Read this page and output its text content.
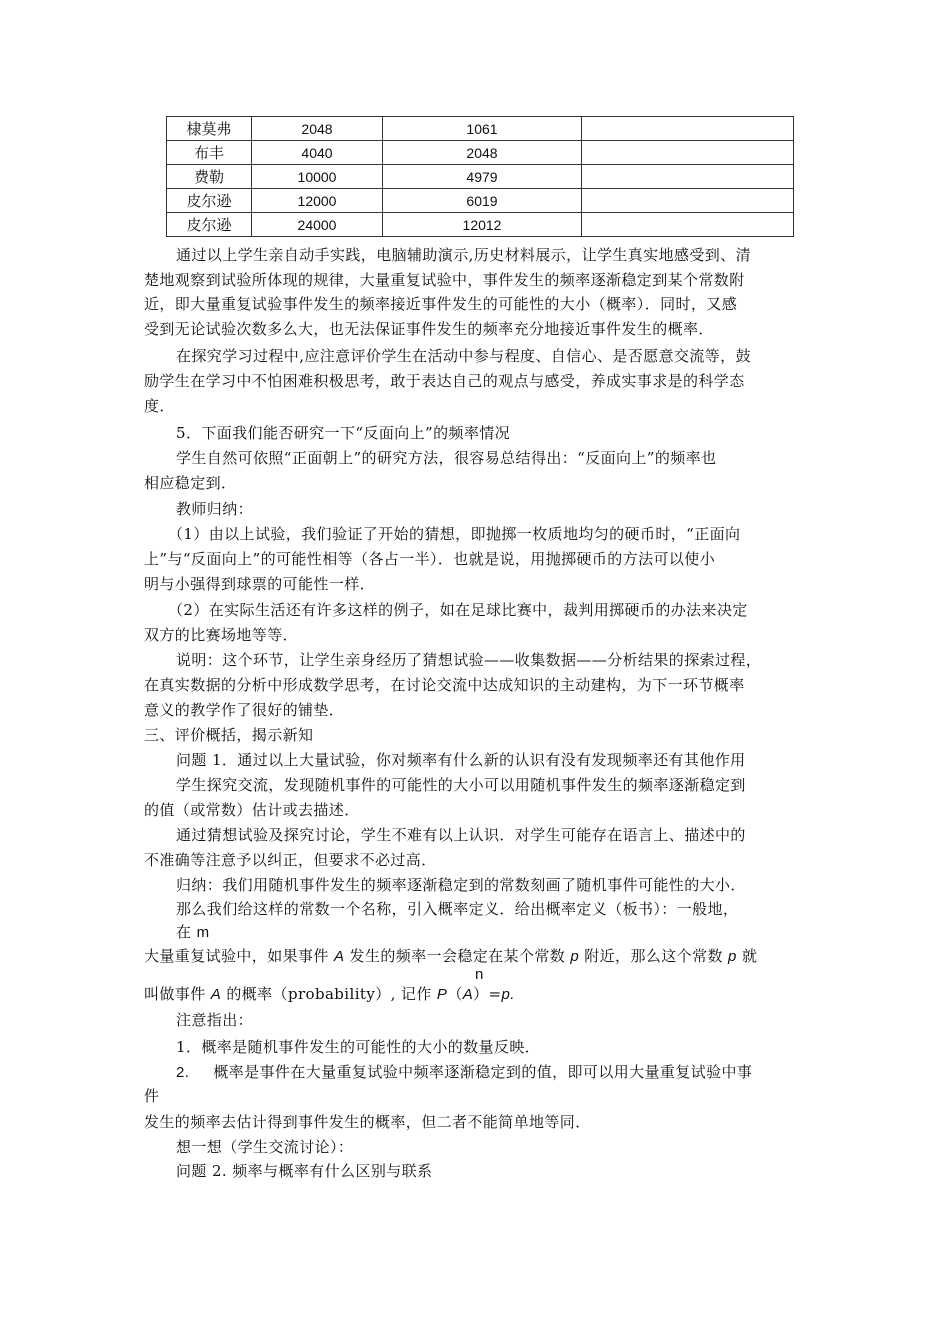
棣莫弗	2048	1061	
布丰	4040	2048	
费勒	10000	4979	
皮尔逊	12000	6019	
皮尔逊	24000	12012	
通过以上学生亲自动手实践，电脑辅助演示,历史材料展示，让学生真实地感受到、清
楚地观察到试验所体现的规律，大量重复试验中，事件发生的频率逐渐稳定到某个常数附
近，即大量重复试验事件发生的频率接近事件发生的可能性的大小（概率）．同时，又感
受到无论试验次数多么大，也无法保证事件发生的频率充分地接近事件发生的概率．
在探究学习过程中,应注意评价学生在活动中参与程度、自信心、是否愿意交流等，鼓
励学生在学习中不怕困难积极思考，敢于表达自己的观点与感受，养成实事求是的科学态
度．
5．下面我们能否研究一下“反面向上”的频率情况
学生自然可依照“正面朝上”的研究方法，很容易总结得出：“反面向上”的频率也
相应稳定到．
教师归纳：
（1）由以上试验，我们验证了开始的猜想，即抛掷一枚质地均匀的硬币时，“正面向
上”与“反面向上”的可能性相等（各占一半）．也就是说，用抛掷硬币的方法可以使小
明与小强得到球票的可能性一样．
（2）在实际生活还有许多这样的例子，如在足球比赛中，裁判用掷硬币的办法来决定
双方的比赛场地等等．
说明：这个环节，让学生亲身经历了猜想试验——收集数据——分析结果的探索过程，
在真实数据的分析中形成数学思考，在讨论交流中达成知识的主动建构，为下一环节概率
意义的教学作了很好的铺垫．
三、评价概括，揭示新知
问题 1．通过以上大量试验，你对频率有什么新的认识有没有发现频率还有其他作用
学生探究交流，发现随机事件的可能性的大小可以用随机事件发生的频率逐渐稳定到
的值（或常数）估计或去描述．
通过猜想试验及探究讨论，学生不难有以上认识．对学生可能存在语言上、描述中的
不准确等注意予以纠正，但要求不必过高．
归纳：我们用随机事件发生的频率逐渐稳定到的常数刻画了随机事件可能性的大小．
那么我们给这样的常数一个名称，引入概率定义．给出概率定义（板书）：一般地，
在 m
大量重复试验中，如果事件 A 发生的频率一会稳定在某个常数 p 附近，那么这个常数 p 就
n
叫做事件 A 的概率（probability）, 记作 P（A）=p.
注意指出：
1．概率是随机事件发生的可能性的大小的数量反映．
2. 概率是事件在大量重复试验中频率逐渐稳定到的值，即可以用大量重复试验中事
件
发生的频率去估计得到事件发生的概率，但二者不能简单地等同．
想一想（学生交流讨论）：
问题 2. 频率与概率有什么区别与联系
